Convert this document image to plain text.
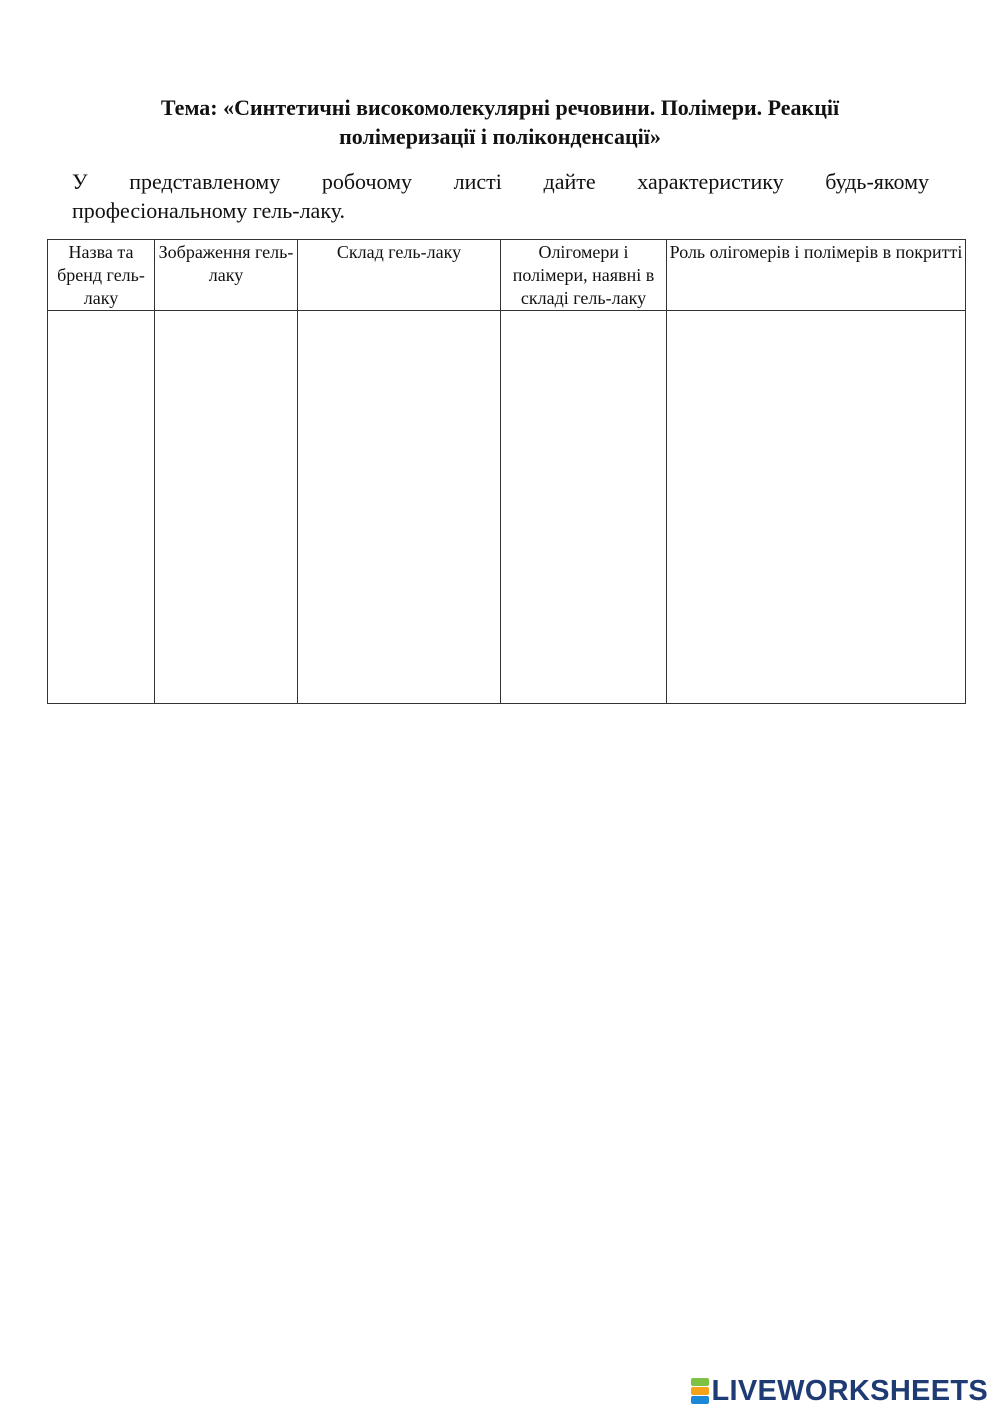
Тема: «Синтетичні високомолекулярні речовини. Полімери. Реакції
полімеризації і поліконденсації»
У представленому робочому листі дайте характеристику будь-якому
професіональному гель-лаку.
Назва та бренд гель-лаку	Зображення гель-лаку	Склад гель-лаку	Олігомери і полімери, наявні в складі гель-лаку	Роль олігомерів і полімерів в покритті

LIVEWORKSHEETS
